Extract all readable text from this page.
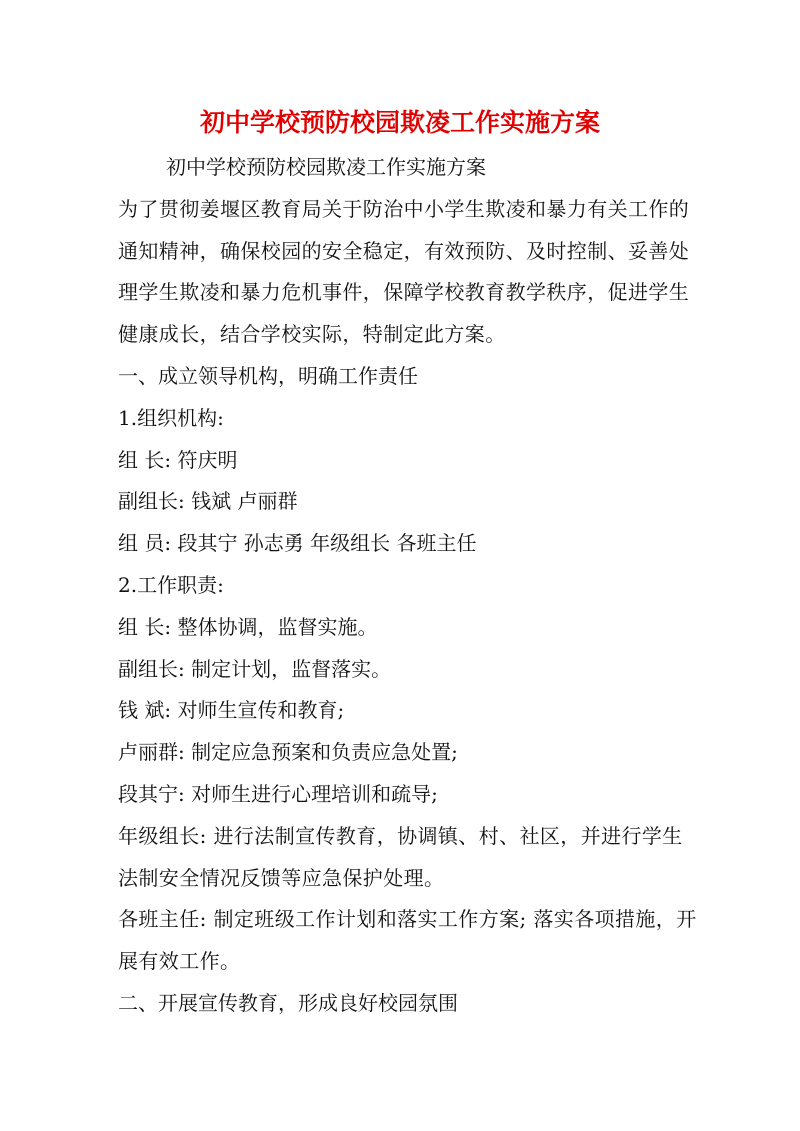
初中学校预防校园欺凌工作实施方案

初中学校预防校园欺凌工作实施方案

为了贯彻姜堰区教育局关于防治中小学生欺凌和暴力有关工作的通知精神，确保校园的安全稳定，有效预防、及时控制、妥善处理学生欺凌和暴力危机事件，保障学校教育教学秩序，促进学生健康成长，结合学校实际，特制定此方案。

一、成立领导机构，明确工作责任

1.组织机构:

组 长: 符庆明

副组长: 钱斌 卢丽群

组 员: 段其宁 孙志勇 年级组长 各班主任

2.工作职责:

组 长: 整体协调，监督实施。

副组长: 制定计划，监督落实。

钱 斌: 对师生宣传和教育;

卢丽群: 制定应急预案和负责应急处置;

段其宁: 对师生进行心理培训和疏导;

年级组长: 进行法制宣传教育，协调镇、村、社区，并进行学生法制安全情况反馈等应急保护处理。

各班主任: 制定班级工作计划和落实工作方案; 落实各项措施，开展有效工作。

二、开展宣传教育，形成良好校园氛围
